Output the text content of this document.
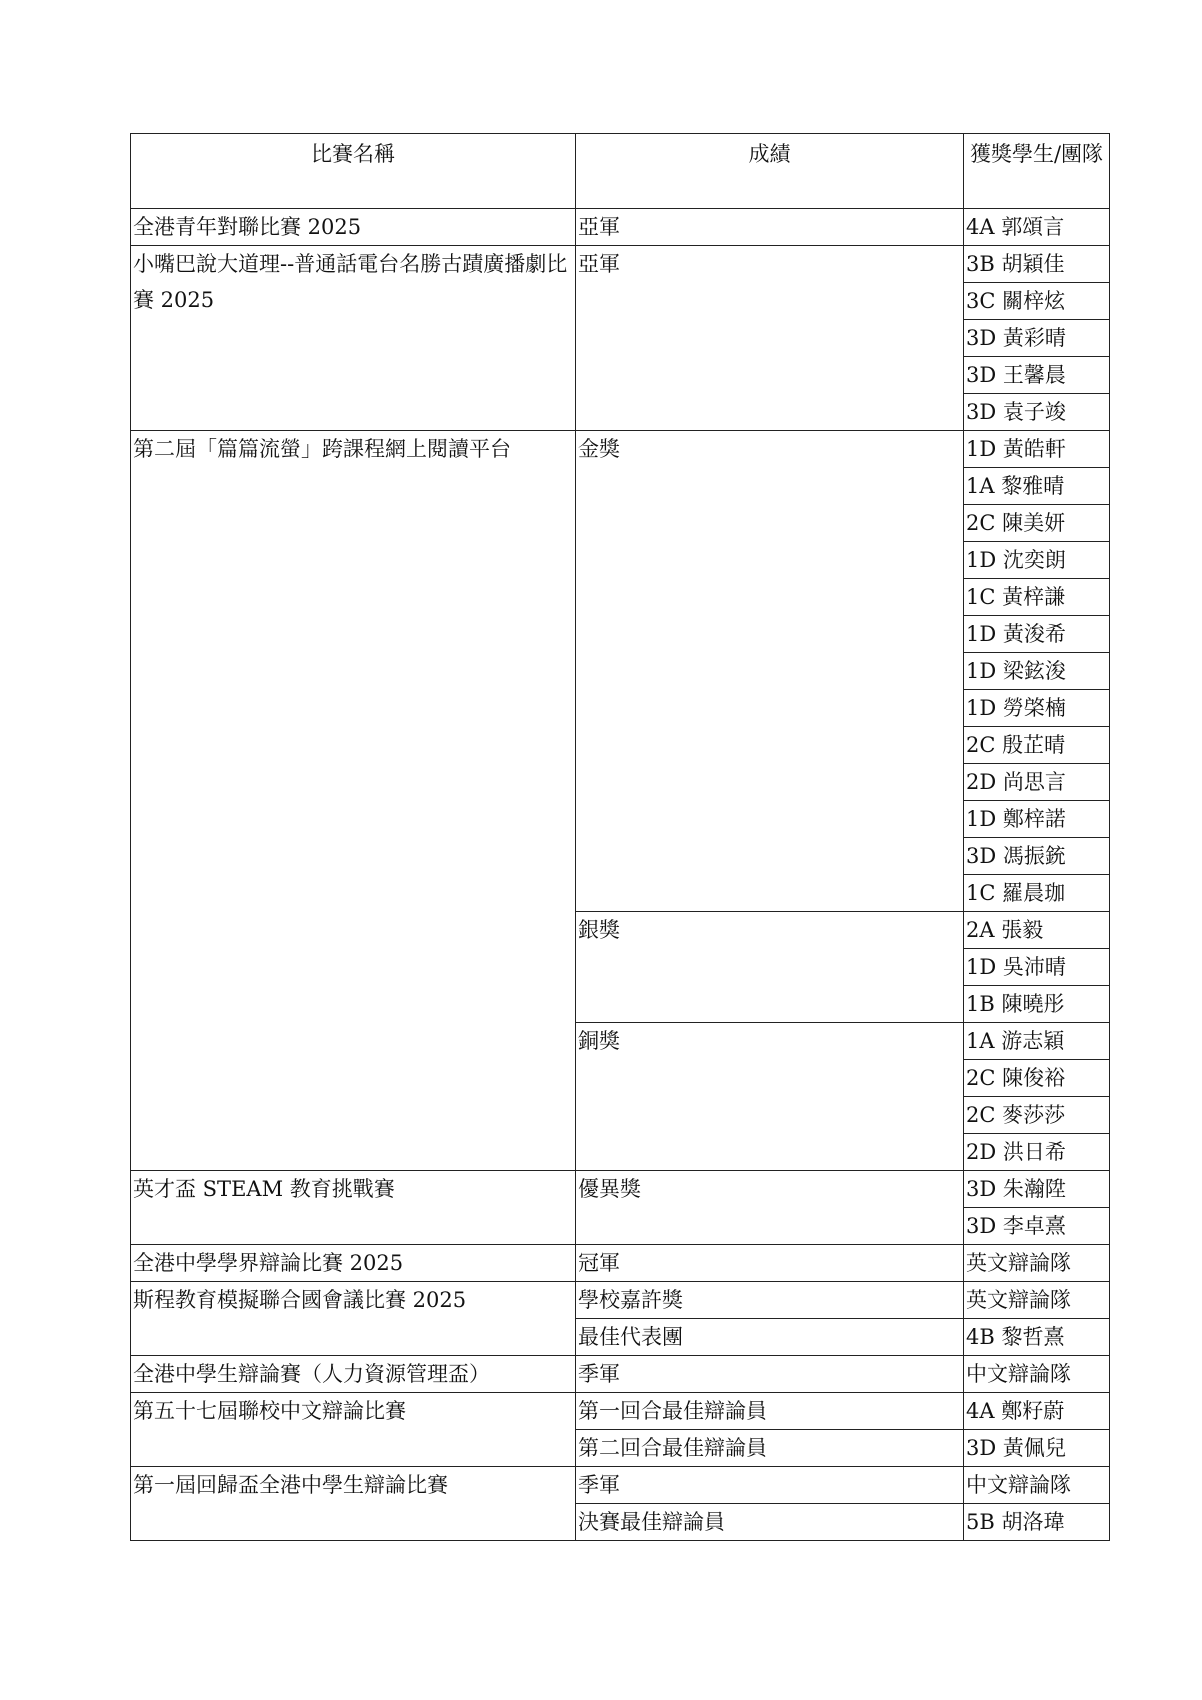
比賽名稱	成績	獲獎學生/團隊
全港青年對聯比賽 2025	亞軍	4A 郭頌言
小嘴巴說大道理--普通話電台名勝古蹟廣播劇比賽 2025	亞軍	3B 胡穎佳
		3C 關梓炫
		3D 黃彩晴
		3D 王馨晨
		3D 袁子竣
第二屆「篇篇流螢」跨課程網上閱讀平台	金獎	1D 黃皓軒
		1A 黎雅晴
		2C 陳美妍
		1D 沈奕朗
		1C 黃梓謙
		1D 黃浚希
		1D 梁鉉浚
		1D 勞棨楠
		2C 殷芷晴
		2D 尚思言
		1D 鄭梓諾
		3D 馮振銃
		1C 羅晨珈
	銀獎	2A 張毅
		1D 吳沛晴
		1B 陳曉彤
	銅獎	1A 游志穎
		2C 陳俊裕
		2C 麥莎莎
		2D 洪日希
英才盃 STEAM 教育挑戰賽	優異獎	3D 朱瀚陞
		3D 李卓熹
全港中學學界辯論比賽 2025	冠軍	英文辯論隊
斯程教育模擬聯合國會議比賽 2025	學校嘉許獎	英文辯論隊
	最佳代表團	4B 黎哲熹
全港中學生辯論賽（人力資源管理盃）	季軍	中文辯論隊
第五十七屆聯校中文辯論比賽	第一回合最佳辯論員	4A 鄭籽蔚
	第二回合最佳辯論員	3D 黃佩兒
第一屆回歸盃全港中學生辯論比賽	季軍	中文辯論隊
	決賽最佳辯論員	5B 胡洛瑋
